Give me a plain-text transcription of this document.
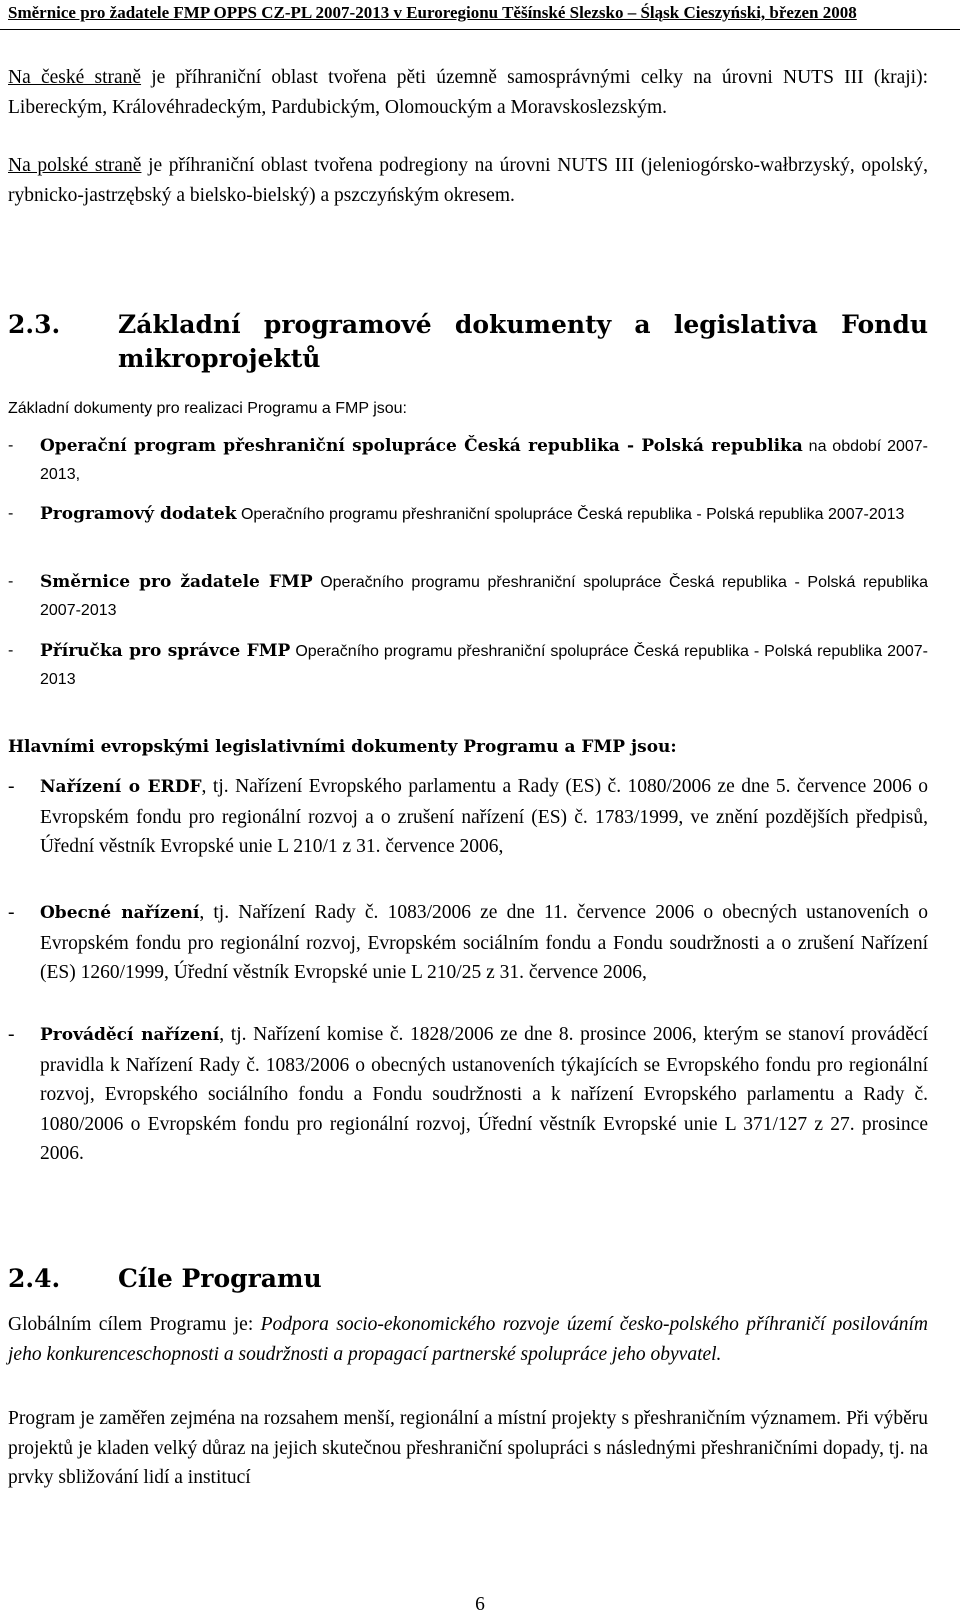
Směrnice pro žadatele FMP OPPS CZ-PL 2007-2013 v Euroregionu Těšínské Slezsko – Śląsk Cieszyński, březen 2008

Na české straně je příhraniční oblast tvořena pěti územně samosprávnými celky na úrovni NUTS III (kraji): Libereckým, Královéhradeckým, Pardubickým, Olomouckým a Moravskoslezským.

Na polské straně je příhraniční oblast tvořena podregiony na úrovni NUTS III (jeleniogórsko-wałbrzyský, opolský, rybnicko-jastrzębský a bielsko-bielský) a pszczyńským okresem.

2.3.	Základní programové dokumenty a legislativa Fondu mikroprojektů

Základní dokumenty pro realizaci Programu a FMP jsou:

-	Operační program přeshraniční spolupráce Česká republika - Polská republika na období 2007-2013,
-	Programový dodatek Operačního programu přeshraniční spolupráce Česká republika - Polská republika 2007-2013
-	Směrnice pro žadatele FMP Operačního programu přeshraniční spolupráce Česká republika - Polská republika 2007-2013
-	Příručka pro správce FMP Operačního programu přeshraniční spolupráce Česká republika - Polská republika 2007-2013

Hlavními evropskými legislativními dokumenty Programu a FMP jsou:

-	Nařízení o ERDF, tj. Nařízení Evropského parlamentu a Rady (ES) č. 1080/2006 ze dne 5. července 2006 o Evropském fondu pro regionální rozvoj a o zrušení nařízení (ES) č. 1783/1999, ve znění pozdějších předpisů, Úřední věstník Evropské unie L 210/1 z 31. července 2006,
-	Obecné nařízení, tj. Nařízení Rady č. 1083/2006 ze dne 11. července 2006 o obecných ustanoveních o Evropském fondu pro regionální rozvoj, Evropském sociálním fondu a Fondu soudržnosti a o zrušení Nařízení (ES) 1260/1999, Úřední věstník Evropské unie L 210/25 z 31. července 2006,
-	Prováděcí nařízení, tj. Nařízení komise č. 1828/2006 ze dne 8. prosince 2006, kterým se stanoví prováděcí pravidla k Nařízení Rady č. 1083/2006 o obecných ustanoveních týkajících se Evropského fondu pro regionální rozvoj, Evropského sociálního fondu a Fondu soudržnosti a k nařízení Evropského parlamentu a Rady č. 1080/2006 o Evropském fondu pro regionální rozvoj, Úřední věstník Evropské unie L 371/127 z 27. prosince 2006.
2.4. Cíle Programu

Globálním cílem Programu je: Podpora socio-ekonomického rozvoje území česko-polského příhraničí posilováním jeho konkurenceschopnosti a soudržnosti a propagací partnerské spolupráce jeho obyvatel.

Program je zaměřen zejména na rozsahem menší, regionální a místní projekty s přeshraničním významem. Při výběru projektů je kladen velký důraz na jejich skutečnou přeshraniční spolupráci s následnými přeshraničními dopady, tj. na prvky sbližování lidí a institucí

6
